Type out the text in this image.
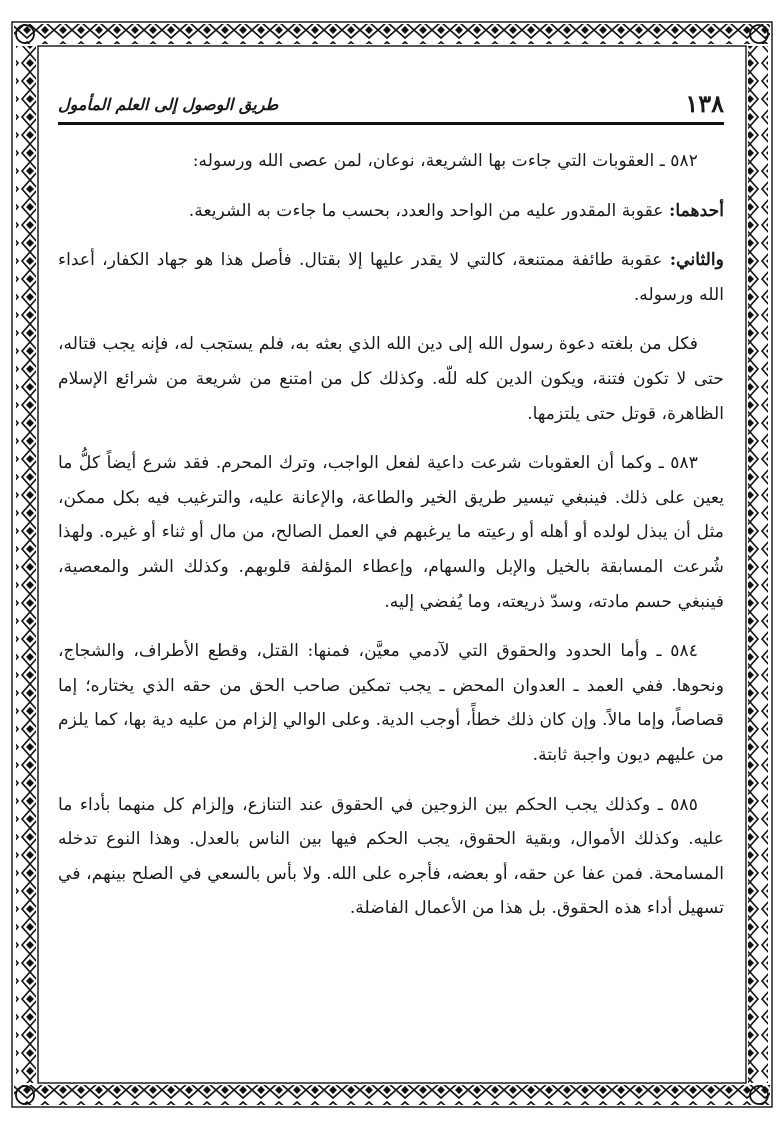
١٣٨
طريق الوصول إلى العلم المأمول

٥٨٢ ـ العقوبات التي جاءت بها الشريعة، نوعان، لمن عصى الله ورسوله:

أحدهما: عقوبة المقدور عليه من الواحد والعدد، بحسب ما جاءت به الشريعة.

والثاني: عقوبة طائفة ممتنعة، كالتي لا يقدر عليها إلا بقتال. فأصل هذا هو جهاد الكفار، أعداء الله ورسوله.

فكل من بلغته دعوة رسول الله إلى دين الله الذي بعثه به، فلم يستجب له، فإنه يجب قتاله، حتى لا تكون فتنة، ويكون الدين كله للّه. وكذلك كل من امتنع من شريعة من شرائع الإسلام الظاهرة، قوتل حتى يلتزمها.

٥٨٣ ـ وكما أن العقوبات شرعت داعية لفعل الواجب، وترك المحرم. فقد شرع أيضاً كلُّ ما يعين على ذلك. فينبغي تيسير طريق الخير والطاعة، والإعانة عليه، والترغيب فيه بكل ممكن، مثل أن يبذل لولده أو أهله أو رعيته ما يرغبهم في العمل الصالح، من مال أو ثناء أو غيره. ولهذا شُرعت المسابقة بالخيل والإبل والسهام، وإعطاء المؤلفة قلوبهم. وكذلك الشر والمعصية، فينبغي حسم مادته، وسدّ ذريعته، وما يُفضي إليه.

٥٨٤ ـ وأما الحدود والحقوق التي لآدمي معيَّن، فمنها: القتل، وقطع الأطراف، والشجاج، ونحوها. ففي العمد ـ العدوان المحض ـ يجب تمكين صاحب الحق من حقه الذي يختاره؛ إما قصاصاً، وإما مالاً. وإن كان ذلك خطأً، أوجب الدية. وعلى الوالي إلزام من عليه دية بها، كما يلزم من عليهم ديون واجبة ثابتة.

٥٨٥ ـ وكذلك يجب الحكم بين الزوجين في الحقوق عند التنازع، وإلزام كل منهما بأداء ما عليه. وكذلك الأموال، وبقية الحقوق، يجب الحكم فيها بين الناس بالعدل. وهذا النوع تدخله المسامحة. فمن عفا عن حقه، أو بعضه، فأجره على الله. ولا بأس بالسعي في الصلح بينهم، في تسهيل أداء هذه الحقوق. بل هذا من الأعمال الفاضلة.
